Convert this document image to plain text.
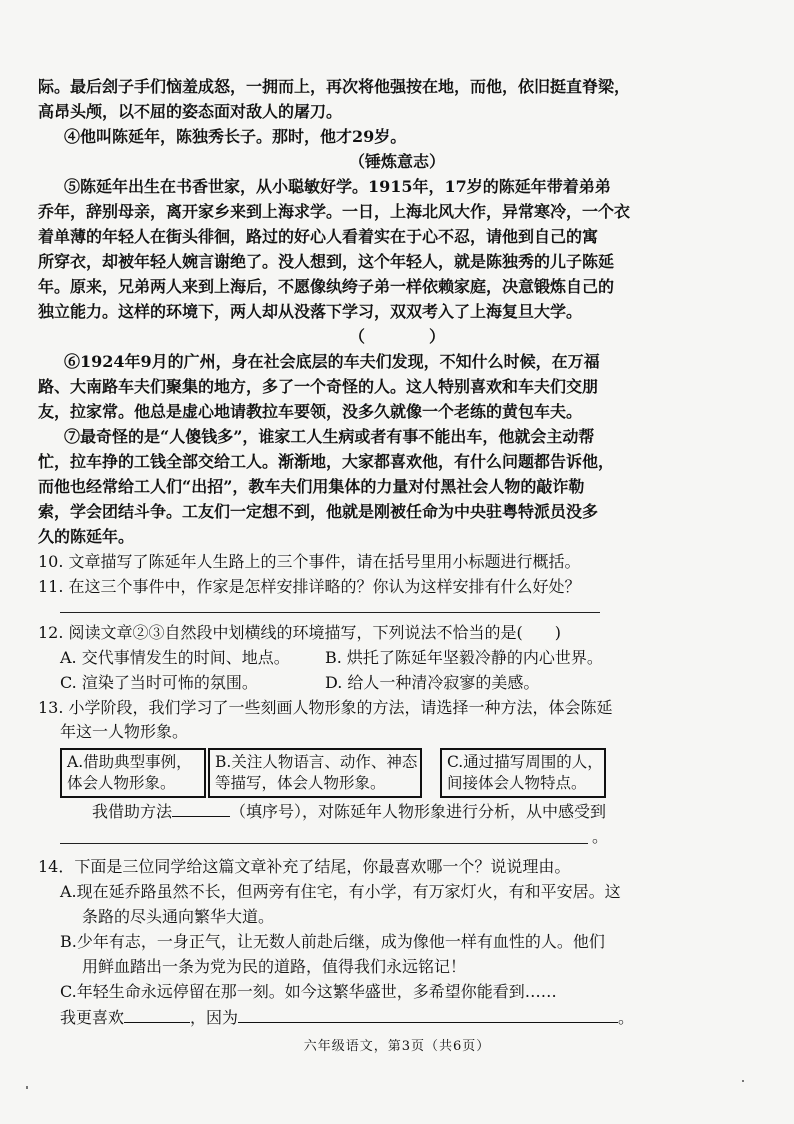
际。最后刽子手们恼羞成怒，一拥而上，再次将他强按在地，而他，依旧挺直脊梁，
高昂头颅，以不屈的姿态面对敌人的屠刀。
④他叫陈延年，陈独秀长子。那时，他才29岁。
（锤炼意志）
⑤陈延年出生在书香世家，从小聪敏好学。1915年，17岁的陈延年带着弟弟
乔年，辞别母亲，离开家乡来到上海求学。一日，上海北风大作，异常寒冷，一个衣
着单薄的年轻人在街头徘徊，路过的好心人看着实在于心不忍，请他到自己的寓
所穿衣，却被年轻人婉言谢绝了。没人想到，这个年轻人，就是陈独秀的儿子陈延
年。原来，兄弟两人来到上海后，不愿像纨绔子弟一样依赖家庭，决意锻炼自己的
独立能力。这样的环境下，两人却从没落下学习，双双考入了上海复旦大学。
（　　　　）
⑥1924年9月的广州，身在社会底层的车夫们发现，不知什么时候，在万福
路、大南路车夫们聚集的地方，多了一个奇怪的人。这人特别喜欢和车夫们交朋
友，拉家常。他总是虚心地请教拉车要领，没多久就像一个老练的黄包车夫。
⑦最奇怪的是“人傻钱多”，谁家工人生病或者有事不能出车，他就会主动帮
忙，拉车挣的工钱全部交给工人。渐渐地，大家都喜欢他，有什么问题都告诉他，
而他也经常给工人们“出招”，教车夫们用集体的力量对付黑社会人物的敲诈勒
索，学会团结斗争。工友们一定想不到，他就是刚被任命为中央驻粤特派员没多
久的陈延年。
10. 文章描写了陈延年人生路上的三个事件，请在括号里用小标题进行概括。
11. 在这三个事件中，作家是怎样安排详略的？你认为这样安排有什么好处？
12. 阅读文章②③自然段中划横线的环境描写，下列说法不恰当的是(　　)
A. 交代事情发生的时间、地点。 B. 烘托了陈延年坚毅冷静的内心世界。
C. 渲染了当时可怖的氛围。	D. 给人一种清冷寂寥的美感。
13. 小学阶段，我们学习了一些刻画人物形象的方法，请选择一种方法，体会陈延
年这一人物形象。
A.借助典型事例，
体会人物形象。
B.关注人物语言、动作、神态
等描写，体会人物形象。
C.通过描写周围的人，
间接体会人物特点。
我借助方法	（填序号），对陈延年人物形象进行分析，从中感受到
。
14．下面是三位同学给这篇文章补充了结尾，你最喜欢哪一个？说说理由。
A.现在延乔路虽然不长，但两旁有住宅，有小学，有万家灯火，有和平安居。这
条路的尽头通向繁华大道。
B.少年有志，一身正气，让无数人前赴后继，成为像他一样有血性的人。他们
用鲜血踏出一条为党为民的道路，值得我们永远铭记！
C.年轻生命永远停留在那一刻。如今这繁华盛世，多希望你能看到……
我更喜欢	，因为	。
六年级语文，第3页（共6页）
